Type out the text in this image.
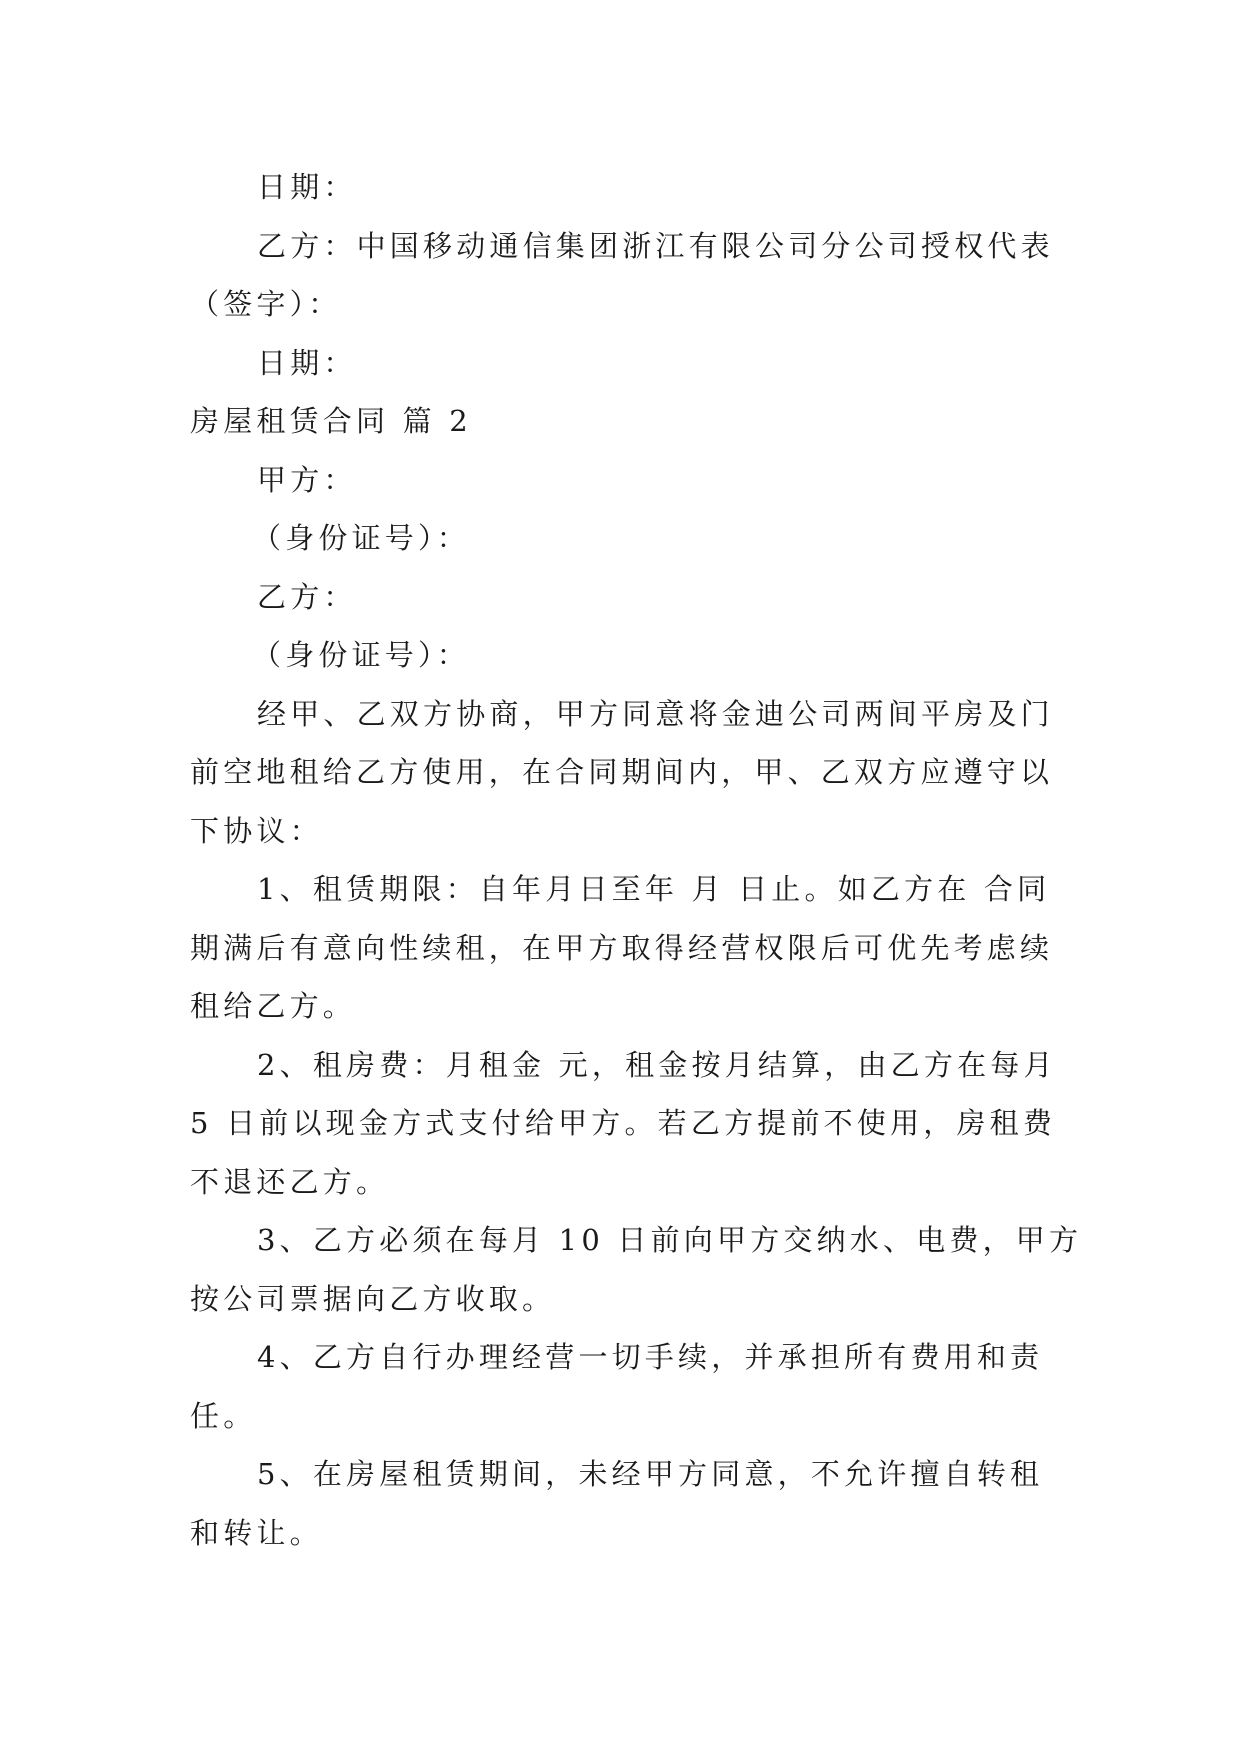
日期：
乙方：中国移动通信集团浙江有限公司分公司授权代表
（签字）：
日期：
房屋租赁合同 篇 2
甲方：
（身份证号）：
乙方：
（身份证号）：
经甲、乙双方协商，甲方同意将金迪公司两间平房及门
前空地租给乙方使用，在合同期间内，甲、乙双方应遵守以
下协议：
1、租赁期限：自年月日至年 月 日止。如乙方在 合同
期满后有意向性续租，在甲方取得经营权限后可优先考虑续
租给乙方。
2、租房费：月租金 元，租金按月结算，由乙方在每月
5 日前以现金方式支付给甲方。若乙方提前不使用，房租费
不退还乙方。
3、乙方必须在每月 10 日前向甲方交纳水、电费，甲方
按公司票据向乙方收取。
4、乙方自行办理经营一切手续，并承担所有费用和责
任。
5、在房屋租赁期间，未经甲方同意，不允许擅自转租
和转让。
